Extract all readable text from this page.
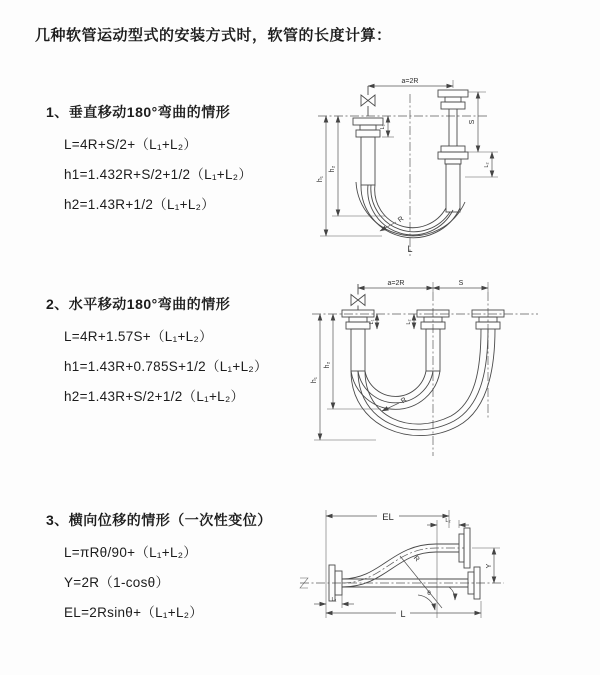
几种软管运动型式的安装方式时，软管的长度计算：
1、垂直移动180°弯曲的情形
L=4R+S/2+（L₁+L₂）
h1=1.432R+S/2+1/2（L₁+L₂）
h2=1.43R+1/2（L₁+L₂）
2、水平移动180°弯曲的情形
L=4R+1.57S+（L₁+L₂）
h1=1.43R+0.785S+1/2（L₁+L₂）
h2=1.43R+S/2+1/2（L₁+L₂）
3、横向位移的情形（一次性变位）
L=πRθ/90+（L₁+L₂）
Y=2R（1-cosθ）
EL=2Rsinθ+（L₁+L₂）
a=2R
h₁
h₂
L₁
S
L₂
R
L
a=2R	S
h₁
h₂
L₁	L₂
R
EL	L₂
Y
L
L₁
R
θ
